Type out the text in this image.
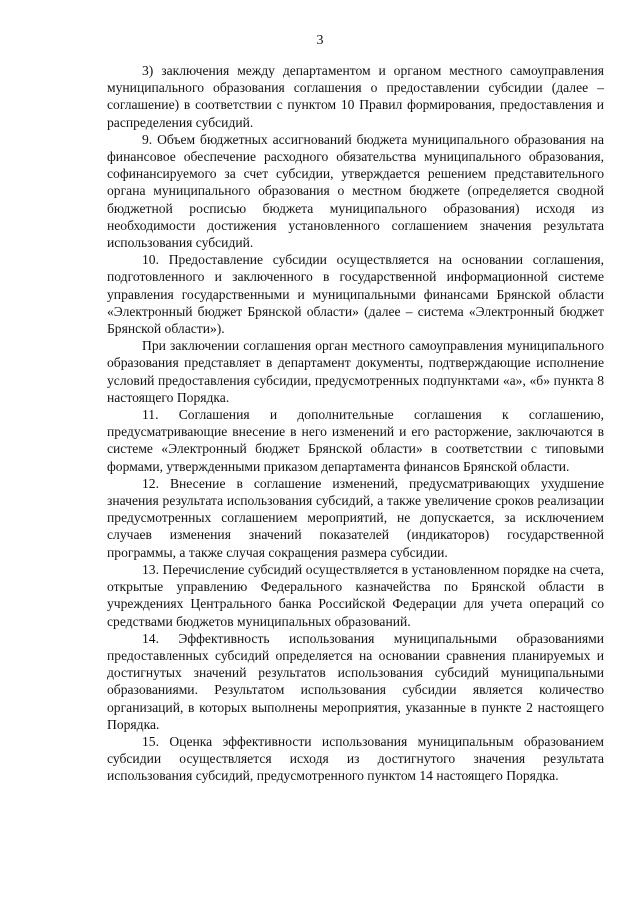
3

3) заключения между департаментом и органом местного самоуправления муниципального образования соглашения о предоставлении субсидии (далее – соглашение) в соответствии с пунктом 10 Правил формирования, предоставления и распределения субсидий.

9. Объем бюджетных ассигнований бюджета муниципального образования на финансовое обеспечение расходного обязательства муниципального образования, софинансируемого за счет субсидии, утверждается решением представительного органа муниципального образования о местном бюджете (определяется сводной бюджетной росписью бюджета муниципального образования) исходя из необходимости достижения установленного соглашением значения результата использования субсидий.

10. Предоставление субсидии осуществляется на основании соглашения, подготовленного и заключенного в государственной информационной системе управления государственными и муниципальными финансами Брянской области «Электронный бюджет Брянской области» (далее – система «Электронный бюджет Брянской области»).

При заключении соглашения орган местного самоуправления муниципального образования представляет в департамент документы, подтверждающие исполнение условий предоставления субсидии, предусмотренных подпунктами «а», «б» пункта 8 настоящего Порядка.

11. Соглашения и дополнительные соглашения к соглашению, предусматривающие внесение в него изменений и его расторжение, заключаются в системе «Электронный бюджет Брянской области» в соответствии с типовыми формами, утвержденными приказом департамента финансов Брянской области.

12. Внесение в соглашение изменений, предусматривающих ухудшение значения результата использования субсидий, а также увеличение сроков реализации предусмотренных соглашением мероприятий, не допускается, за исключением случаев изменения значений показателей (индикаторов) государственной программы, а также случая сокращения размера субсидии.

13. Перечисление субсидий осуществляется в установленном порядке на счета, открытые управлению Федерального казначейства по Брянской области в учреждениях Центрального банка Российской Федерации для учета операций со средствами бюджетов муниципальных образований.

14. Эффективность использования муниципальными образованиями предоставленных субсидий определяется на основании сравнения планируемых и достигнутых значений результатов использования субсидий муниципальными образованиями. Результатом использования субсидии является количество организаций, в которых выполнены мероприятия, указанные в пункте 2 настоящего Порядка.

15. Оценка эффективности использования муниципальным образованием субсидии осуществляется исходя из достигнутого значения результата использования субсидий, предусмотренного пунктом 14 настоящего Порядка.
